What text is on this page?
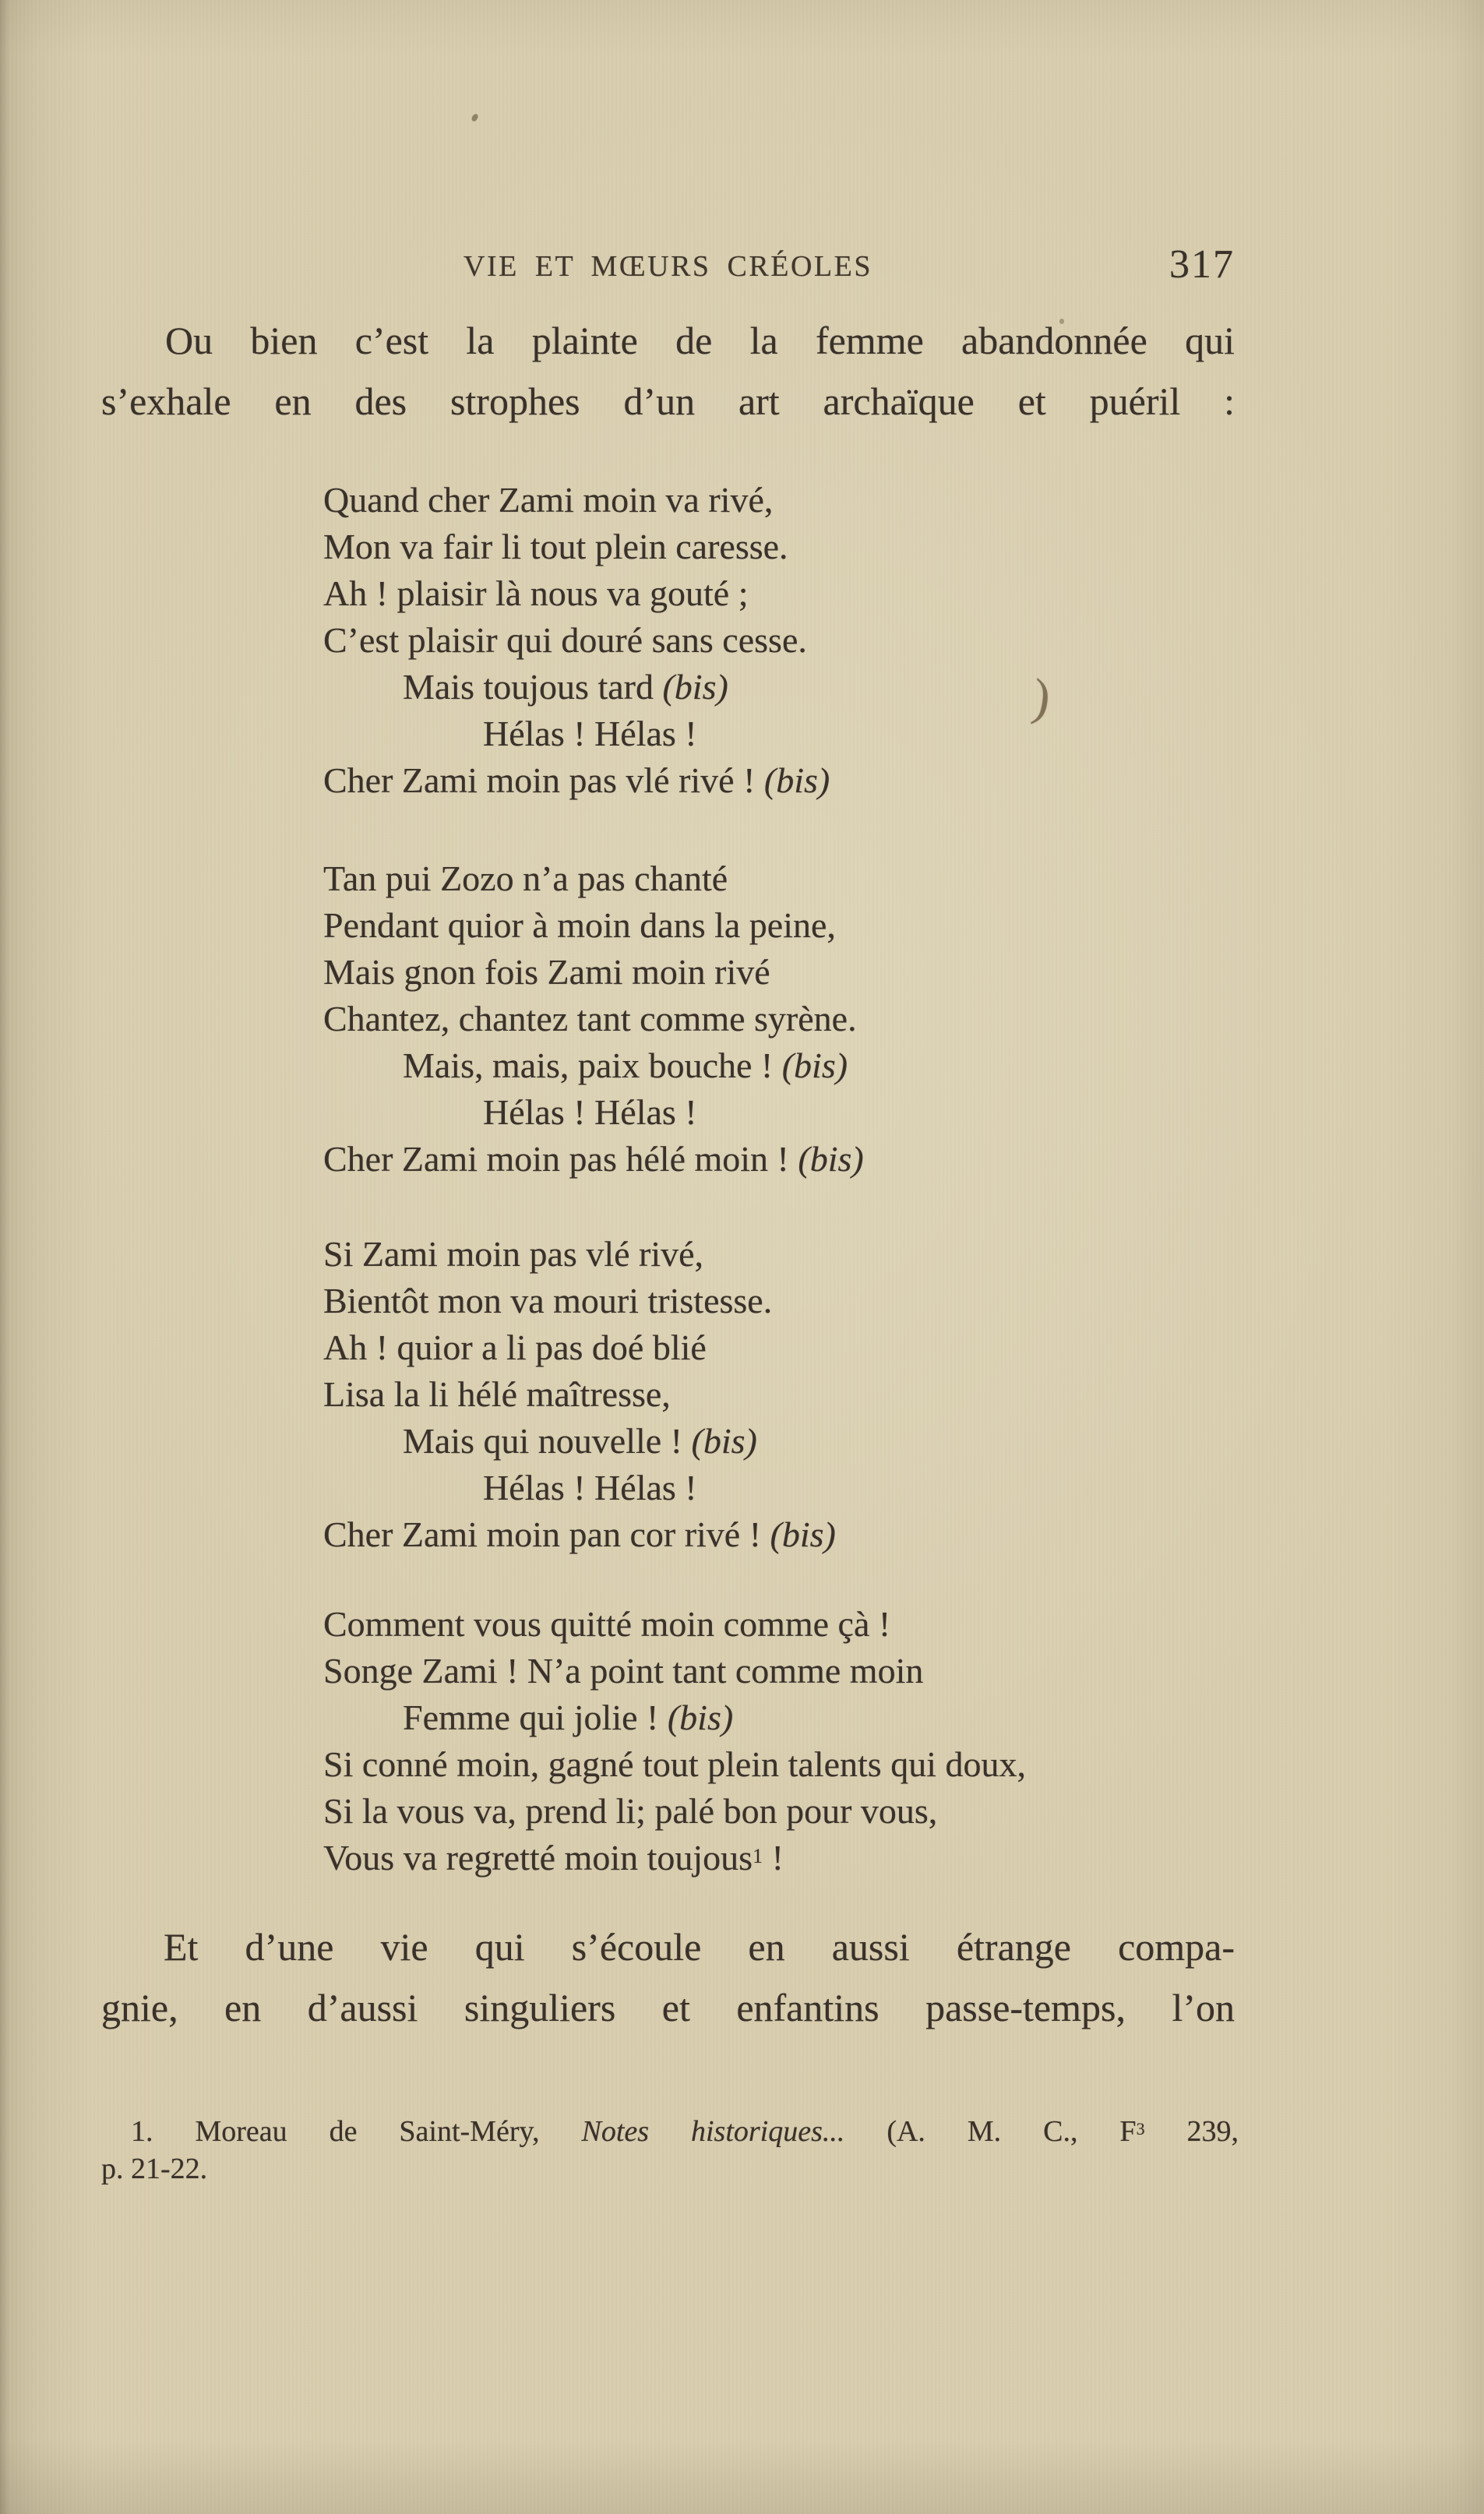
VIE ET MŒURS CRÉOLES	317
Ou bien c’est la plainte de la femme abandonnée qui
s’exhale en des strophes d’un art archaïque et puéril :
Quand cher Zami moin va rivé,
Mon va fair li tout plein caresse.
Ah ! plaisir là nous va gouté ;
C’est plaisir qui douré sans cesse.
Mais toujous tard (bis)
Hélas ! Hélas !
Cher Zami moin pas vlé rivé ! (bis)
Tan pui Zozo n’a pas chanté
Pendant quior à moin dans la peine,
Mais gnon fois Zami moin rivé
Chantez, chantez tant comme syrène.
Mais, mais, paix bouche ! (bis)
Hélas ! Hélas !
Cher Zami moin pas hélé moin ! (bis)
Si Zami moin pas vlé rivé,
Bientôt mon va mouri tristesse.
Ah ! quior a li pas doé blié
Lisa la li hélé maîtresse,
Mais qui nouvelle ! (bis)
Hélas ! Hélas !
Cher Zami moin pan cor rivé ! (bis)
Comment vous quitté moin comme çà !
Songe Zami ! N’a point tant comme moin
Femme qui jolie ! (bis)
Si conné moin, gagné tout plein talents qui doux,
Si la vous va, prend li; palé bon pour vous,
Vous va regretté moin toujous$^1$ !
Et d’une vie qui s’écoule en aussi étrange compa-
gnie, en d’aussi singuliers et enfantins passe-temps, l’on
1. Moreau de Saint-Méry, Notes historiques... (A. M. C., F$^3$ 239,
p. 21-22.
)
